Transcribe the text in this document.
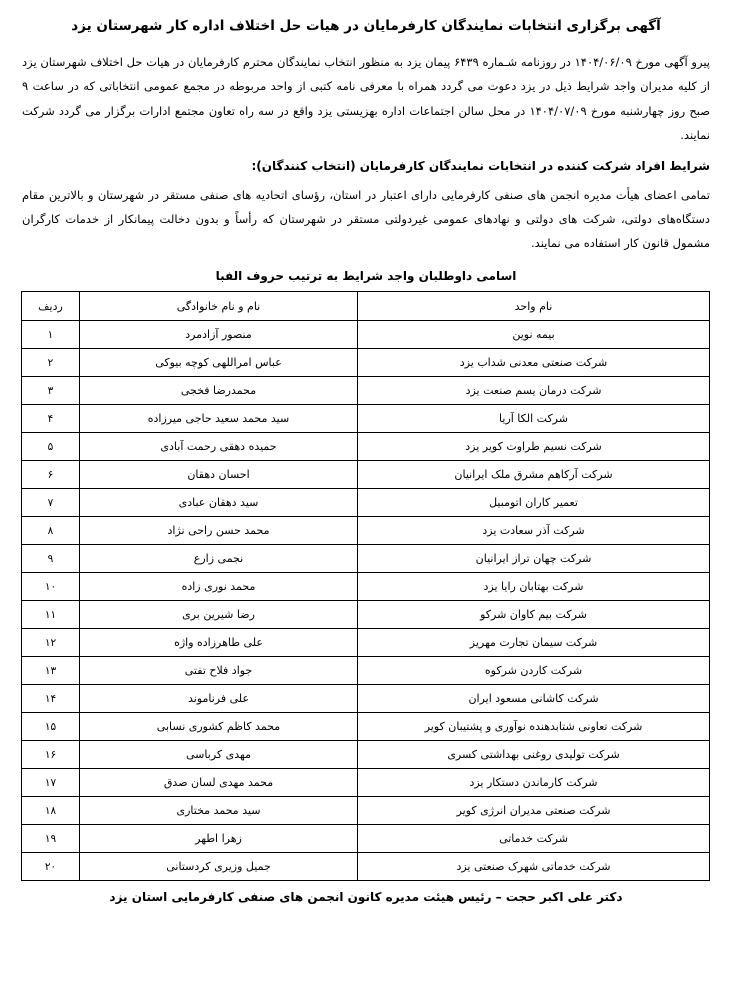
آگهی برگزاری انتخابات نمایندگان کارفرمایان در هیات حل اختلاف اداره کار شهرستان یزد

پیرو آگهی مورخ ۱۴۰۴/۰۶/۰۹ در روزنامه شـماره ۶۴۳۹ پیمان یزد به منظور انتخاب نمایندگان محترم کارفرمایان در هیات حل اختلاف شهرستان یزد از کلیه مدیران واجد شرایط ذیل در یزد دعوت می گردد همراه با معرفی نامه کتبی از واحد مربوطه در مجمع عمومی انتخاباتی که در ساعت ۹ صبح روز چهارشنبه مورخ ۱۴۰۴/۰۷/۰۹ در محل سالن اجتماعات اداره بهزیستی یزد واقع در سه راه تعاون مجتمع ادارات برگزار می گردد شرکت نمایند.

شرایط افراد شرکت کننده در انتخابات نمایندگان کارفرمایان (انتخاب کنندگان):

تمامی اعضای هیأت مدیره انجمن های صنفی کارفرمایی دارای اعتبار در استان، رؤسای اتحادیه های صنفی مستقر در شهرستان و بالاترین مقام دستگاه‌های دولتی، شرکت های دولتی و نهادهای عمومی غیردولتی مستقر در شهرستان که رأساً و بدون دخالت پیمانکار از خدمات کارگران مشمول قانون کار استفاده می نمایند.

اسامی داوطلبان واجد شرایط به ترتیب حروف الفبا
نام واحد	نام و نام خانوادگی	ردیف
بیمه نوین	منصور آزادمرد	۱
شرکت صنعتی معدنی شداب یزد	عباس امراللهی کوچه بیوکی	۲
شرکت درمان یسم صنعت یزد	محمدرضا فخجی	۳
شرکت الکا آریا	سید محمد سعید حاجی میرزاده	۴
شرکت نسیم طراوت کویر یزد	حمیده دهقی رحمت آبادی	۵
شرکت آرکاهم مشرق ملک ایرانیان	احسان دهقان	۶
تعمیر کاران اتومبیل	سید دهقان عبادی	۷
شرکت آذر سعادت یزد	محمد حسن راحی نژاد	۸
شرکت چهان تراز ایرانیان	نجمی زارع	۹
شرکت بهتابان رایا یزد	محمد نوری زاده	۱۰
شرکت بیم کاوان شرکو	رضا شیرین بری	۱۱
شرکت سیمان تجارت مهریز	علی طاهرزاده واژه	۱۲
شرکت کاردن شرکوه	جواد فلاح تفتی	۱۳
شرکت کاشانی مسعود ایران	علی فرناموند	۱۴
شرکت تعاونی شتابدهنده نوآوری و پشتیبان کویر	محمد کاظم کشوری نسابی	۱۵
شرکت تولیدی روغنی بهداشتی کسری	مهدی کرباسی	۱۶
شرکت کارماندن دستکار یزد	محمد مهدی لسان صدق	۱۷
شرکت صنعتی مدیران انرژی کویر	سید محمد مختاری	۱۸
شرکت خدماتی	زهرا اطهر	۱۹
شرکت خدماتی شهرک صنعتی یزد	جمیل وزیری کردستانی	۲۰
دکتر علی اکبر حجت – رئیس هیئت مدیره کانون انجمن های صنفی کارفرمایی استان یزد
